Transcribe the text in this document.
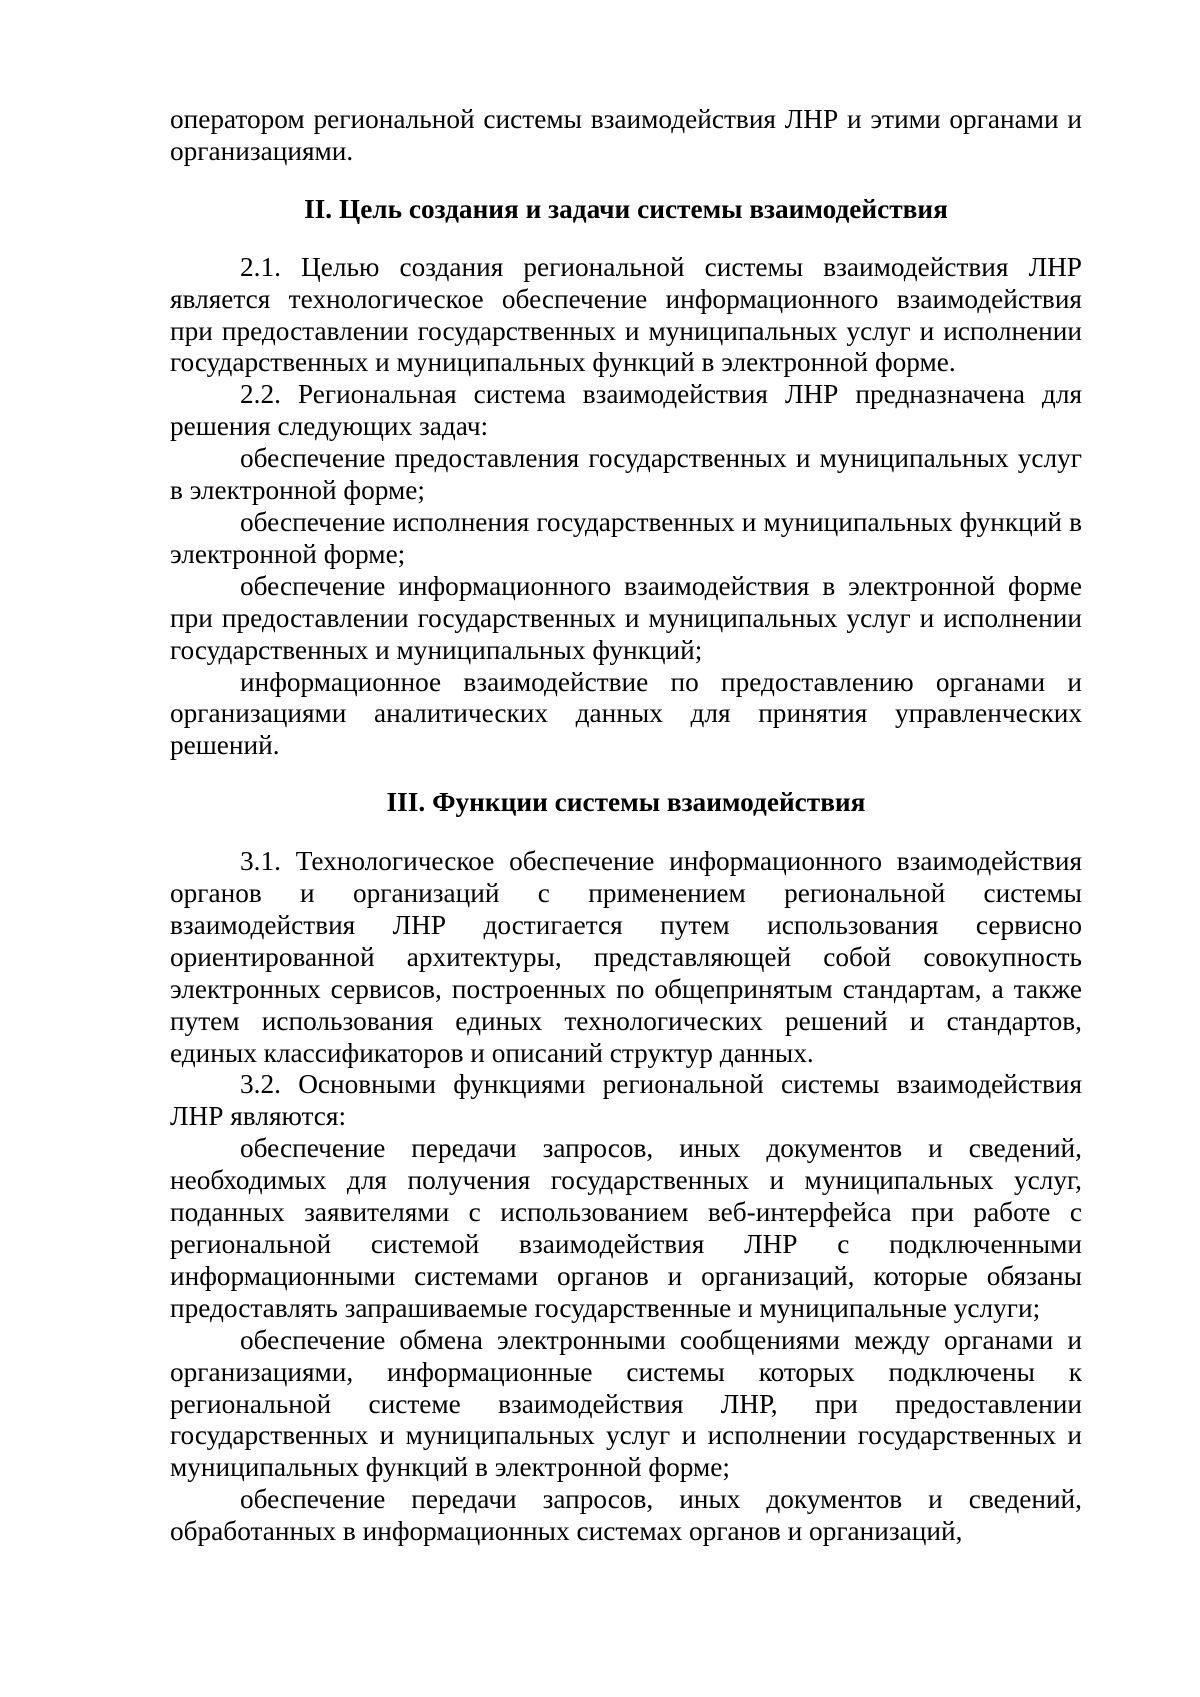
оператором региональной системы взаимодействия ЛНР и этими органами и организациями.

II. Цель создания и задачи системы взаимодействия

2.1. Целью создания региональной системы взаимодействия ЛНР является технологическое обеспечение информационного взаимодействия при предоставлении государственных и муниципальных услуг и исполнении государственных и муниципальных функций в электронной форме.

2.2. Региональная система взаимодействия ЛНР предназначена для решения следующих задач:

обеспечение предоставления государственных и муниципальных услуг в электронной форме;

обеспечение исполнения государственных и муниципальных функций в электронной форме;

обеспечение информационного взаимодействия в электронной форме при предоставлении государственных и муниципальных услуг и исполнении государственных и муниципальных функций;

информационное взаимодействие по предоставлению органами и организациями аналитических данных для принятия управленческих решений.

III. Функции системы взаимодействия

3.1. Технологическое обеспечение информационного взаимодействия органов и организаций с применением региональной системы взаимодействия ЛНР достигается путем использования сервисно ориентированной архитектуры, представляющей собой совокупность электронных сервисов, построенных по общепринятым стандартам, а также путем использования единых технологических решений и стандартов, единых классификаторов и описаний структур данных.

3.2. Основными функциями региональной системы взаимодействия ЛНР являются:

обеспечение передачи запросов, иных документов и сведений, необходимых для получения государственных и муниципальных услуг, поданных заявителями с использованием веб-интерфейса при работе с региональной системой взаимодействия ЛНР с подключенными информационными системами органов и организаций, которые обязаны предоставлять запрашиваемые государственные и муниципальные услуги;

обеспечение обмена электронными сообщениями между органами и организациями, информационные системы которых подключены к региональной системе взаимодействия ЛНР, при предоставлении государственных и муниципальных услуг и исполнении государственных и муниципальных функций в электронной форме;

обеспечение передачи запросов, иных документов и сведений, обработанных в информационных системах органов и организаций,
